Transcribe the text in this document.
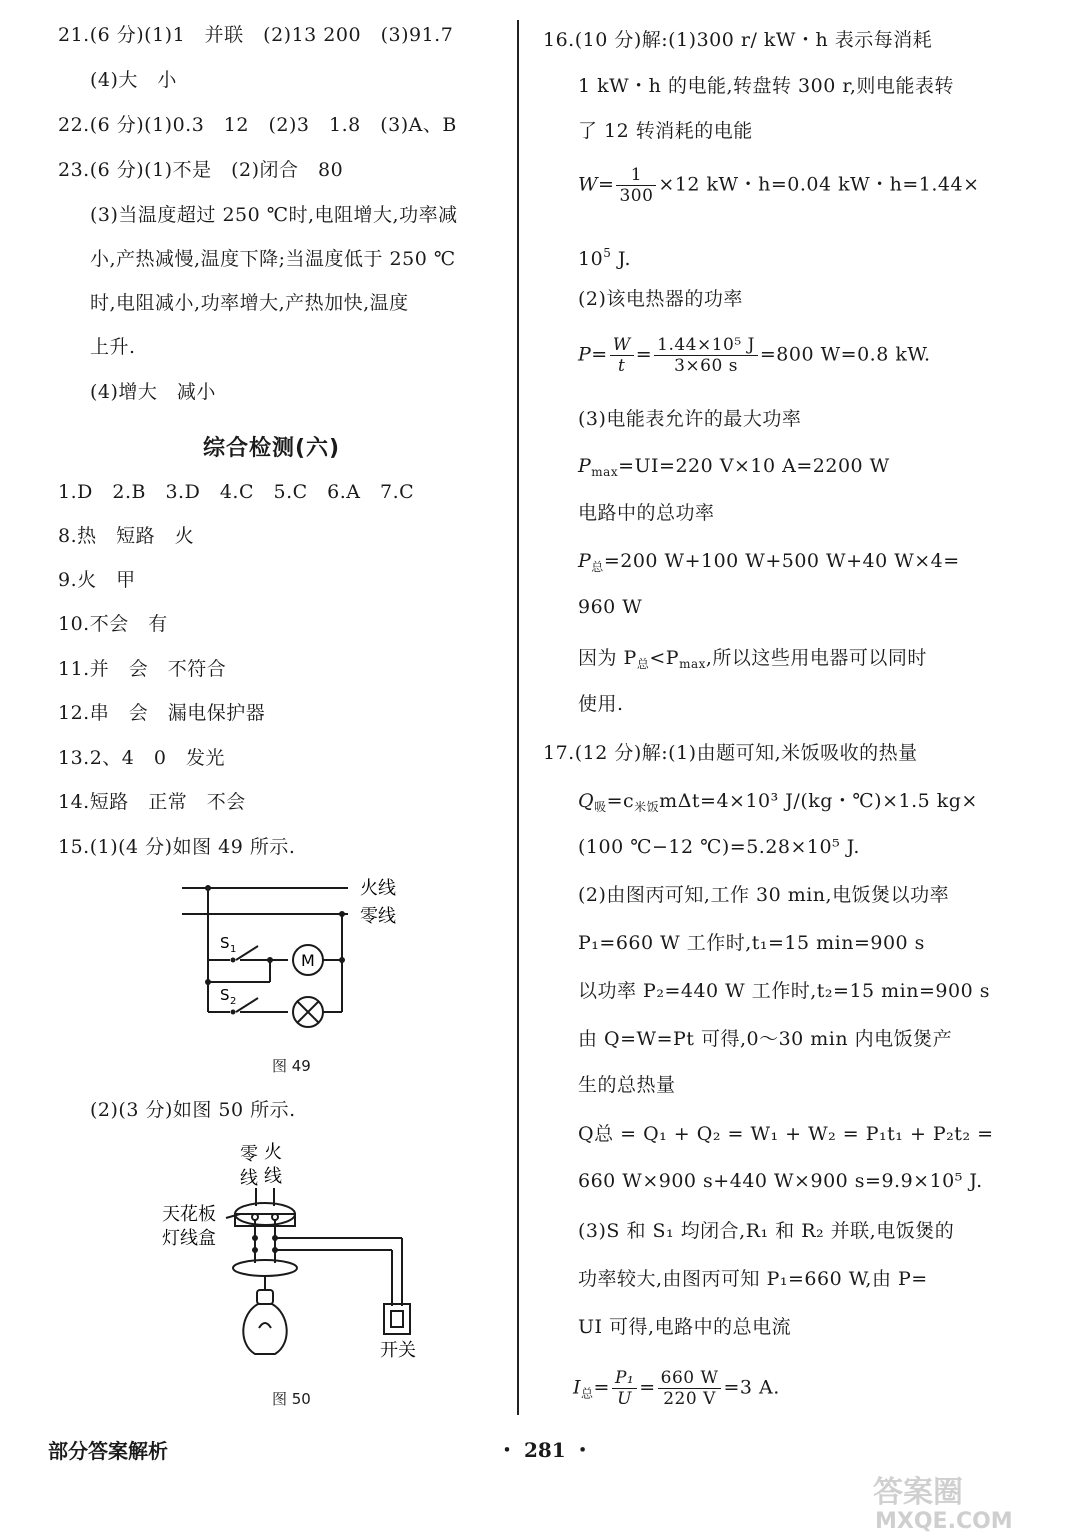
21.(6 分)(1)1　并联　(2)13 200　(3)91.7
(4)大　小
22.(6 分)(1)0.3　12　(2)3　1.8　(3)A、B
23.(6 分)(1)不是　(2)闭合　80
(3)当温度超过 250 ℃时,电阻增大,功率减
小,产热减慢,温度下降;当温度低于 250 ℃
时,电阻减小,功率增大,产热加快,温度
上升.
(4)增大　减小
综合检测(六)
1.D　2.B　3.D　4.C　5.C　6.A　7.C
8.热　短路　火
9.火　甲
10.不会　有
11.并　会　不符合
12.串　会　漏电保护器
13.2、4　0　发光
14.短路　正常　不会
15.(1)(4 分)如图 49 所示.
火线
零线
S 1
S 2
M
图 49
(2)(3 分)如图 50 所示.
零
线
火
线
天花板
灯线盒
开关
图 50
16.(10 分)解:(1)300 r/ kW・h 表示每消耗
1 kW・h 的电能,转盘转 300 r,则电能表转
了 12 转消耗的电能
$W= \frac{1}{300} \times 12$ kW・h=0.04 kW・h=1.44×
$10^5$ J.
(2)该电热器的功率
$P= \frac{W}{t} = \frac{\text{1.44×10⁵ J}}{3\times 60 s} =800$ W=0.8 kW.
(3)电能表允许的最大功率
$P_{max}=UI=220$ V×10 A=2200 W
电路中的总功率
$P_总=200$ W+100 W+500 W+40 W×4=
960 W
因为 $P_总<P_{max}$,所以这些用电器可以同时
使用.
17.(12 分)解:(1)由题可知,米饭吸收的热量
$Q_吸=c_{米饭}m\Delta t=4\times 10^3$ J/(kg・℃)×1.5 kg×
(100 ℃−12 ℃)=5.28×10⁵ J.
(2)由图丙可知,工作 30 min,电饭煲以功率
P₁=660 W 工作时,t₁=15 min=900 s
以功率 P₂=440 W 工作时,t₂=15 min=900 s
由 Q=W=Pt 可得,0～30 min 内电饭煲产
生的总热量
Q总 = Q₁ + Q₂ = W₁ + W₂ = P₁t₁ + P₂t₂ =
660 W×900 s+440 W×900 s=9.9×10⁵ J.
(3)S 和 S₁ 均闭合,R₁ 和 R₂ 并联,电饭煲的
功率较大,由图丙可知 P₁=660 W,由 P=
UI 可得,电路中的总电流
$I_总= \frac{\text{P₁}}{U} = \frac{660 W}{220 V} =3$ A.
部分答案解析	・ 281 ・
答案圈
MXQE.COM
